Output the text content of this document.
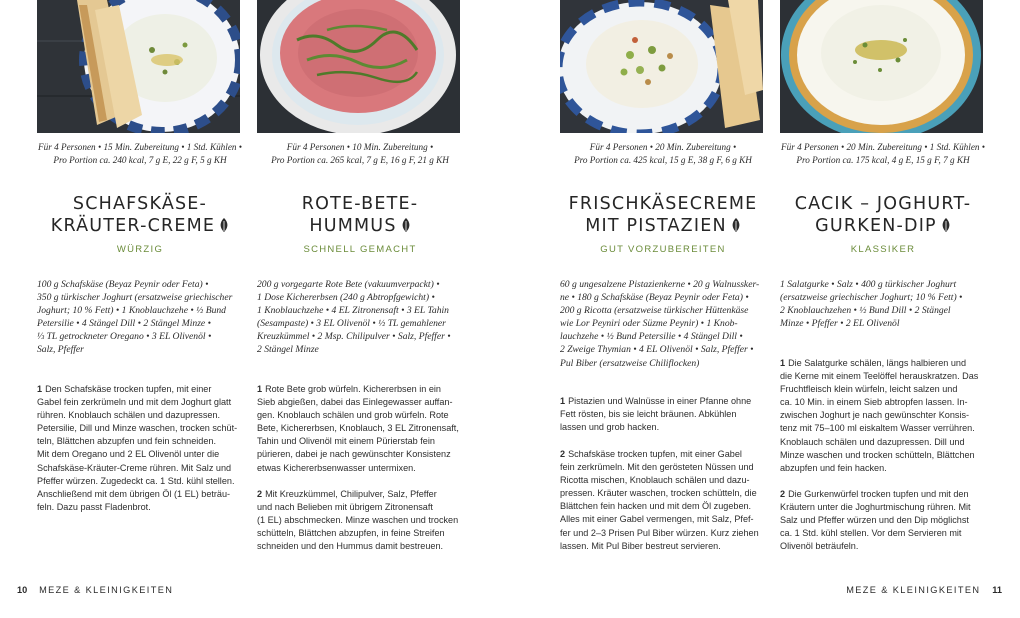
Für 4 Personen • 15 Min. Zubereitung • 1 Std. Kühlen •
Pro Portion ca. 240 kcal, 7 g E, 22 g F, 5 g KH
SCHAFSKÄSE-
KRÄUTER-CREME
WÜRZIG
100 g Schafskäse (Beyaz Peynir oder Feta) •
350 g türkischer Joghurt (ersatzweise griechischer
Joghurt; 10 % Fett) • 1 Knoblauchzehe • ½ Bund
Petersilie • 4 Stängel Dill • 2 Stängel Minze •
⅓ TL getrockneter Oregano • 3 EL Olivenöl •
Salz, Pfeffer
1 Den Schafskäse trocken tupfen, mit einer
Gabel fein zerkrümeln und mit dem Joghurt glatt
rühren. Knoblauch schälen und dazupressen.
Petersilie, Dill und Minze waschen, trocken schüt-
teln, Blättchen abzupfen und fein schneiden.
Mit dem Oregano und 2 EL Olivenöl unter die
Schafskäse-Kräuter-Creme rühren. Mit Salz und
Pfeffer würzen. Zugedeckt ca. 1 Std. kühl stellen.
Anschließend mit dem übrigen Öl (1 EL) beträu-
feln. Dazu passt Fladenbrot.
Für 4 Personen • 10 Min. Zubereitung •
Pro Portion ca. 265 kcal, 7 g E, 16 g F, 21 g KH
ROTE-BETE-
HUMMUS
SCHNELL GEMACHT
200 g vorgegarte Rote Bete (vakuumverpackt) •
1 Dose Kichererbsen (240 g Abtropfgewicht) •
1 Knoblauchzehe • 4 EL Zitronensaft • 3 EL Tahin
(Sesampaste) • 3 EL Olivenöl • ½ TL gemahlener
Kreuzkümmel • 2 Msp. Chilipulver • Salz, Pfeffer •
2 Stängel Minze
1 Rote Bete grob würfeln. Kichererbsen in ein
Sieb abgießen, dabei das Einlegewasser auffan-
gen. Knoblauch schälen und grob würfeln. Rote
Bete, Kichererbsen, Knoblauch, 3 EL Zitronensaft,
Tahin und Olivenöl mit einem Pürierstab fein
pürieren, dabei je nach gewünschter Konsistenz
etwas Kichererbsenwasser untermixen.
2 Mit Kreuzkümmel, Chilipulver, Salz, Pfeffer
und nach Belieben mit übrigem Zitronensaft
(1 EL) abschmecken. Minze waschen und trocken
schütteln, Blättchen abzupfen, in feine Streifen
schneiden und den Hummus damit bestreuen.
Für 4 Personen • 20 Min. Zubereitung •
Pro Portion ca. 425 kcal, 15 g E, 38 g F, 6 g KH
FRISCHKÄSECREME
MIT PISTAZIEN
GUT VORZUBEREITEN
60 g ungesalzene Pistazienkerne • 20 g Walnussker-
ne • 180 g Schafskäse (Beyaz Peynir oder Feta) •
200 g Ricotta (ersatzweise türkischer Hüttenkäse
wie Lor Peyniri oder Süzme Peynir) • 1 Knob-
lauchzehe • ½ Bund Petersilie • 4 Stängel Dill •
2 Zweige Thymian • 4 EL Olivenöl • Salz, Pfeffer •
Pul Biber (ersatzweise Chiliflocken)
1 Pistazien und Walnüsse in einer Pfanne ohne
Fett rösten, bis sie leicht bräunen. Abkühlen
lassen und grob hacken.
2 Schafskäse trocken tupfen, mit einer Gabel
fein zerkrümeln. Mit den gerösteten Nüssen und
Ricotta mischen, Knoblauch schälen und dazu-
pressen. Kräuter waschen, trocken schütteln, die
Blättchen fein hacken und mit dem Öl zugeben.
Alles mit einer Gabel vermengen, mit Salz, Pfef-
fer und 2–3 Prisen Pul Biber würzen. Kurz ziehen
lassen. Mit Pul Biber bestreut servieren.
Für 4 Personen • 20 Min. Zubereitung • 1 Std. Kühlen •
Pro Portion ca. 175 kcal, 4 g E, 15 g F, 7 g KH
CACIK – JOGHURT-
GURKEN-DIP
KLASSIKER
1 Salatgurke • Salz • 400 g türkischer Joghurt
(ersatzweise griechischer Joghurt; 10 % Fett) •
2 Knoblauchzehen • ½ Bund Dill • 2 Stängel
Minze • Pfeffer • 2 EL Olivenöl
1 Die Salatgurke schälen, längs halbieren und
die Kerne mit einem Teelöffel herauskratzen. Das
Fruchtfleisch klein würfeln, leicht salzen und
ca. 10 Min. in einem Sieb abtropfen lassen. In-
zwischen Joghurt je nach gewünschter Konsis-
tenz mit 75–100 ml eiskaltem Wasser verrühren.
Knoblauch schälen und dazupressen. Dill und
Minze waschen und trocken schütteln, Blättchen
abzupfen und fein hacken.
2 Die Gurkenwürfel trocken tupfen und mit den
Kräutern unter die Joghurtmischung rühren. Mit
Salz und Pfeffer würzen und den Dip möglichst
ca. 1 Std. kühl stellen. Vor dem Servieren mit
Olivenöl beträufeln.
10 MEZE & KLEINIGKEITEN	MEZE & KLEINIGKEITEN 11
